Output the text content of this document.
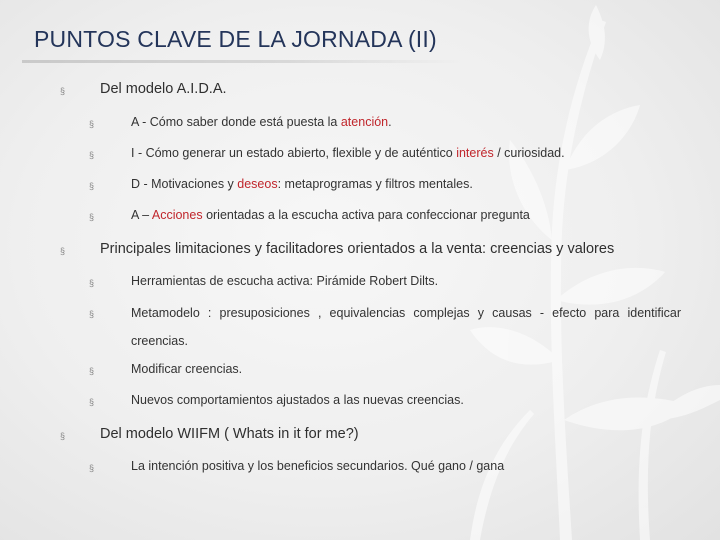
PUNTOS CLAVE DE LA JORNADA (II)
§ Del modelo A.I.D.A.
§	A - Cómo saber donde está puesta la atención.
§	I - Cómo generar un estado abierto, flexible y de auténtico interés / curiosidad.
§	D - Motivaciones y deseos: metaprogramas y filtros mentales.
§	A – Acciones orientadas a la escucha activa para confeccionar pregunta
§ Principales limitaciones y facilitadores orientados a la venta: creencias y valores
§	Herramientas de escucha activa: Pirámide Robert Dilts.
§	Metamodelo : presuposiciones , equivalencias complejas y causas - efecto para identificar creencias.
§	Modificar creencias.
§	Nuevos comportamientos ajustados a las nuevas creencias.
§ Del modelo WIIFM ( Whats in it for me?)
§	La intención positiva y los beneficios secundarios. Qué gano / gana
